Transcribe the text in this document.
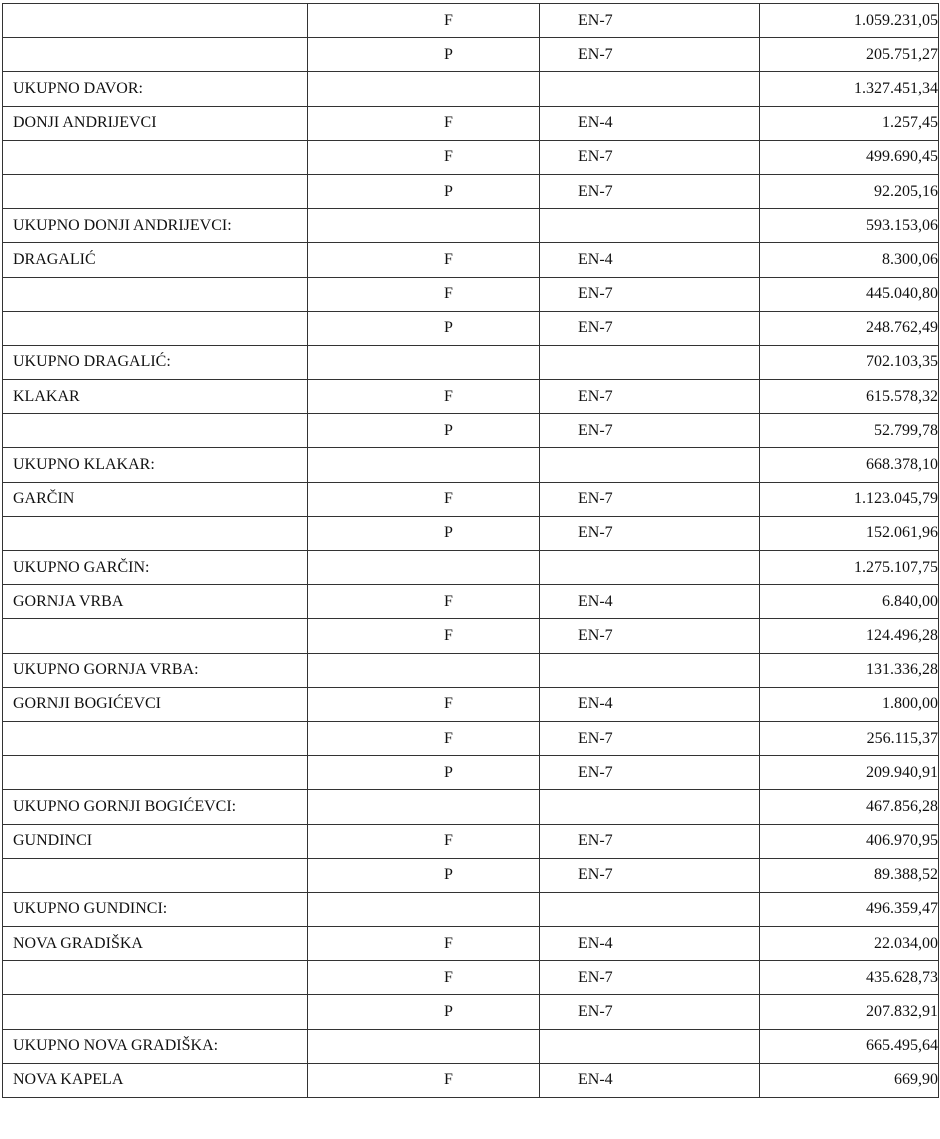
	F	EN-7	1.059.231,05
	P	EN-7	205.751,27
UKUPNO DAVOR:			1.327.451,34
DONJI ANDRIJEVCI	F	EN-4	1.257,45
	F	EN-7	499.690,45
	P	EN-7	92.205,16
UKUPNO DONJI ANDRIJEVCI:			593.153,06
DRAGALIĆ	F	EN-4	8.300,06
	F	EN-7	445.040,80
	P	EN-7	248.762,49
UKUPNO DRAGALIĆ:			702.103,35
KLAKAR	F	EN-7	615.578,32
	P	EN-7	52.799,78
UKUPNO KLAKAR:			668.378,10
GARČIN	F	EN-7	1.123.045,79
	P	EN-7	152.061,96
UKUPNO GARČIN:			1.275.107,75
GORNJA VRBA	F	EN-4	6.840,00
	F	EN-7	124.496,28
UKUPNO GORNJA VRBA:			131.336,28
GORNJI BOGIĆEVCI	F	EN-4	1.800,00
	F	EN-7	256.115,37
	P	EN-7	209.940,91
UKUPNO GORNJI BOGIĆEVCI:			467.856,28
GUNDINCI	F	EN-7	406.970,95
	P	EN-7	89.388,52
UKUPNO GUNDINCI:			496.359,47
NOVA GRADIŠKA	F	EN-4	22.034,00
	F	EN-7	435.628,73
	P	EN-7	207.832,91
UKUPNO NOVA GRADIŠKA:			665.495,64
NOVA KAPELA	F	EN-4	669,90
